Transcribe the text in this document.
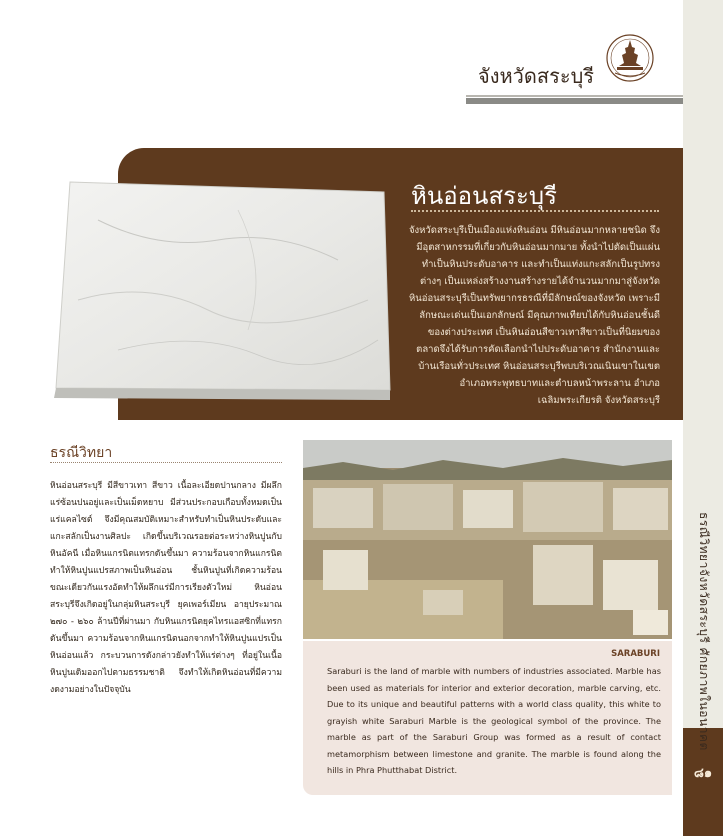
ธรณีวิทยาจังหวัดสระบุรี ศักยภาพในอนาคต
๘๑
จังหวัดสระบุรี
หินอ่อนสระบุรี
จังหวัดสระบุรีเป็นเมืองแห่งหินอ่อน มีหินอ่อนมากหลายชนิด จึงมีอุตสาหกรรมที่เกี่ยวกับหินอ่อนมากมาย ทั้งนำไปตัดเป็นแผ่นทำเป็นหินประดับอาคาร และทำเป็นแท่งแกะสลักเป็นรูปทรงต่างๆ เป็นแหล่งสร้างงานสร้างรายได้จำนวนมากมาสู่จังหวัด หินอ่อนสระบุรีเป็นทรัพยากรธรณีที่มีลักษณ์ของจังหวัด เพราะมีลักษณะเด่นเป็นเอกลักษณ์ มีคุณภาพเทียบได้กับหินอ่อนชั้นดีของต่างประเทศ เป็นหินอ่อนสีขาวเทาสีขาวเป็นที่นิยมของตลาดจึงได้รับการคัดเลือกนำไปประดับอาคาร สำนักงานและบ้านเรือนทั่วประเทศ หินอ่อนสระบุรีพบบริเวณเนินเขาในเขตอำเภอพระพุทธบาทและตำบลหน้าพระลาน อำเภอเฉลิมพระเกียรติ จังหวัดสระบุรี
ธรณีวิทยา
หินอ่อนสระบุรี มีสีขาวเทา สีขาว เนื้อละเอียดปานกลาง มีผลึกแร่ซ้อนปนอยู่และเป็นเม็ดหยาบ มีส่วนประกอบเกือบทั้งหมดเป็นแร่แคลไซต์ จึงมีคุณสมบัติเหมาะสำหรับทำเป็นหินประดับและแกะสลักเป็นงานศิลปะ เกิดขึ้นบริเวณรอยต่อระหว่างหินปูนกับหินอัคนี เมื่อหินแกรนิตแทรกดันขึ้นมา ความร้อนจากหินแกรนิตทำให้หินปูนแปรสภาพเป็นหินอ่อน ชั้นหินปูนที่เกิดความร้อนขณะเดียวกันแรงอัดทำให้ผลึกแร่มีการเรียงตัวใหม่ หินอ่อนสระบุรีจึงเกิดอยู่ในกลุ่มหินสระบุรี ยุคเพอร์เมียน อายุประมาณ ๒๗๐ - ๒๖๐ ล้านปีที่ผ่านมา กับหินแกรนิตยุคไทรแอสซิกที่แทรกดันขึ้นมา ความร้อนจากหินแกรนิตนอกจากทำให้หินปูนแปรเป็นหินอ่อนแล้ว กระบวนการดังกล่าวยังทำให้แร่ต่างๆ ที่อยู่ในเนื้อหินปูนเดิมออกไปตามธรรมชาติ จึงทำให้เกิดหินอ่อนที่มีความงดงามอย่างในปัจจุบัน
SARABURI
Saraburi is the land of marble with numbers of industries associated. Marble has been used as materials for interior and exterior decoration, marble carving, etc. Due to its unique and beautiful patterns with a world class quality, this white to grayish white Saraburi Marble is the geological symbol of the province. The marble as part of the Saraburi Group was formed as a result of contact metamorphism between limestone and granite. The marble is found along the hills in Phra Phutthabat District.
